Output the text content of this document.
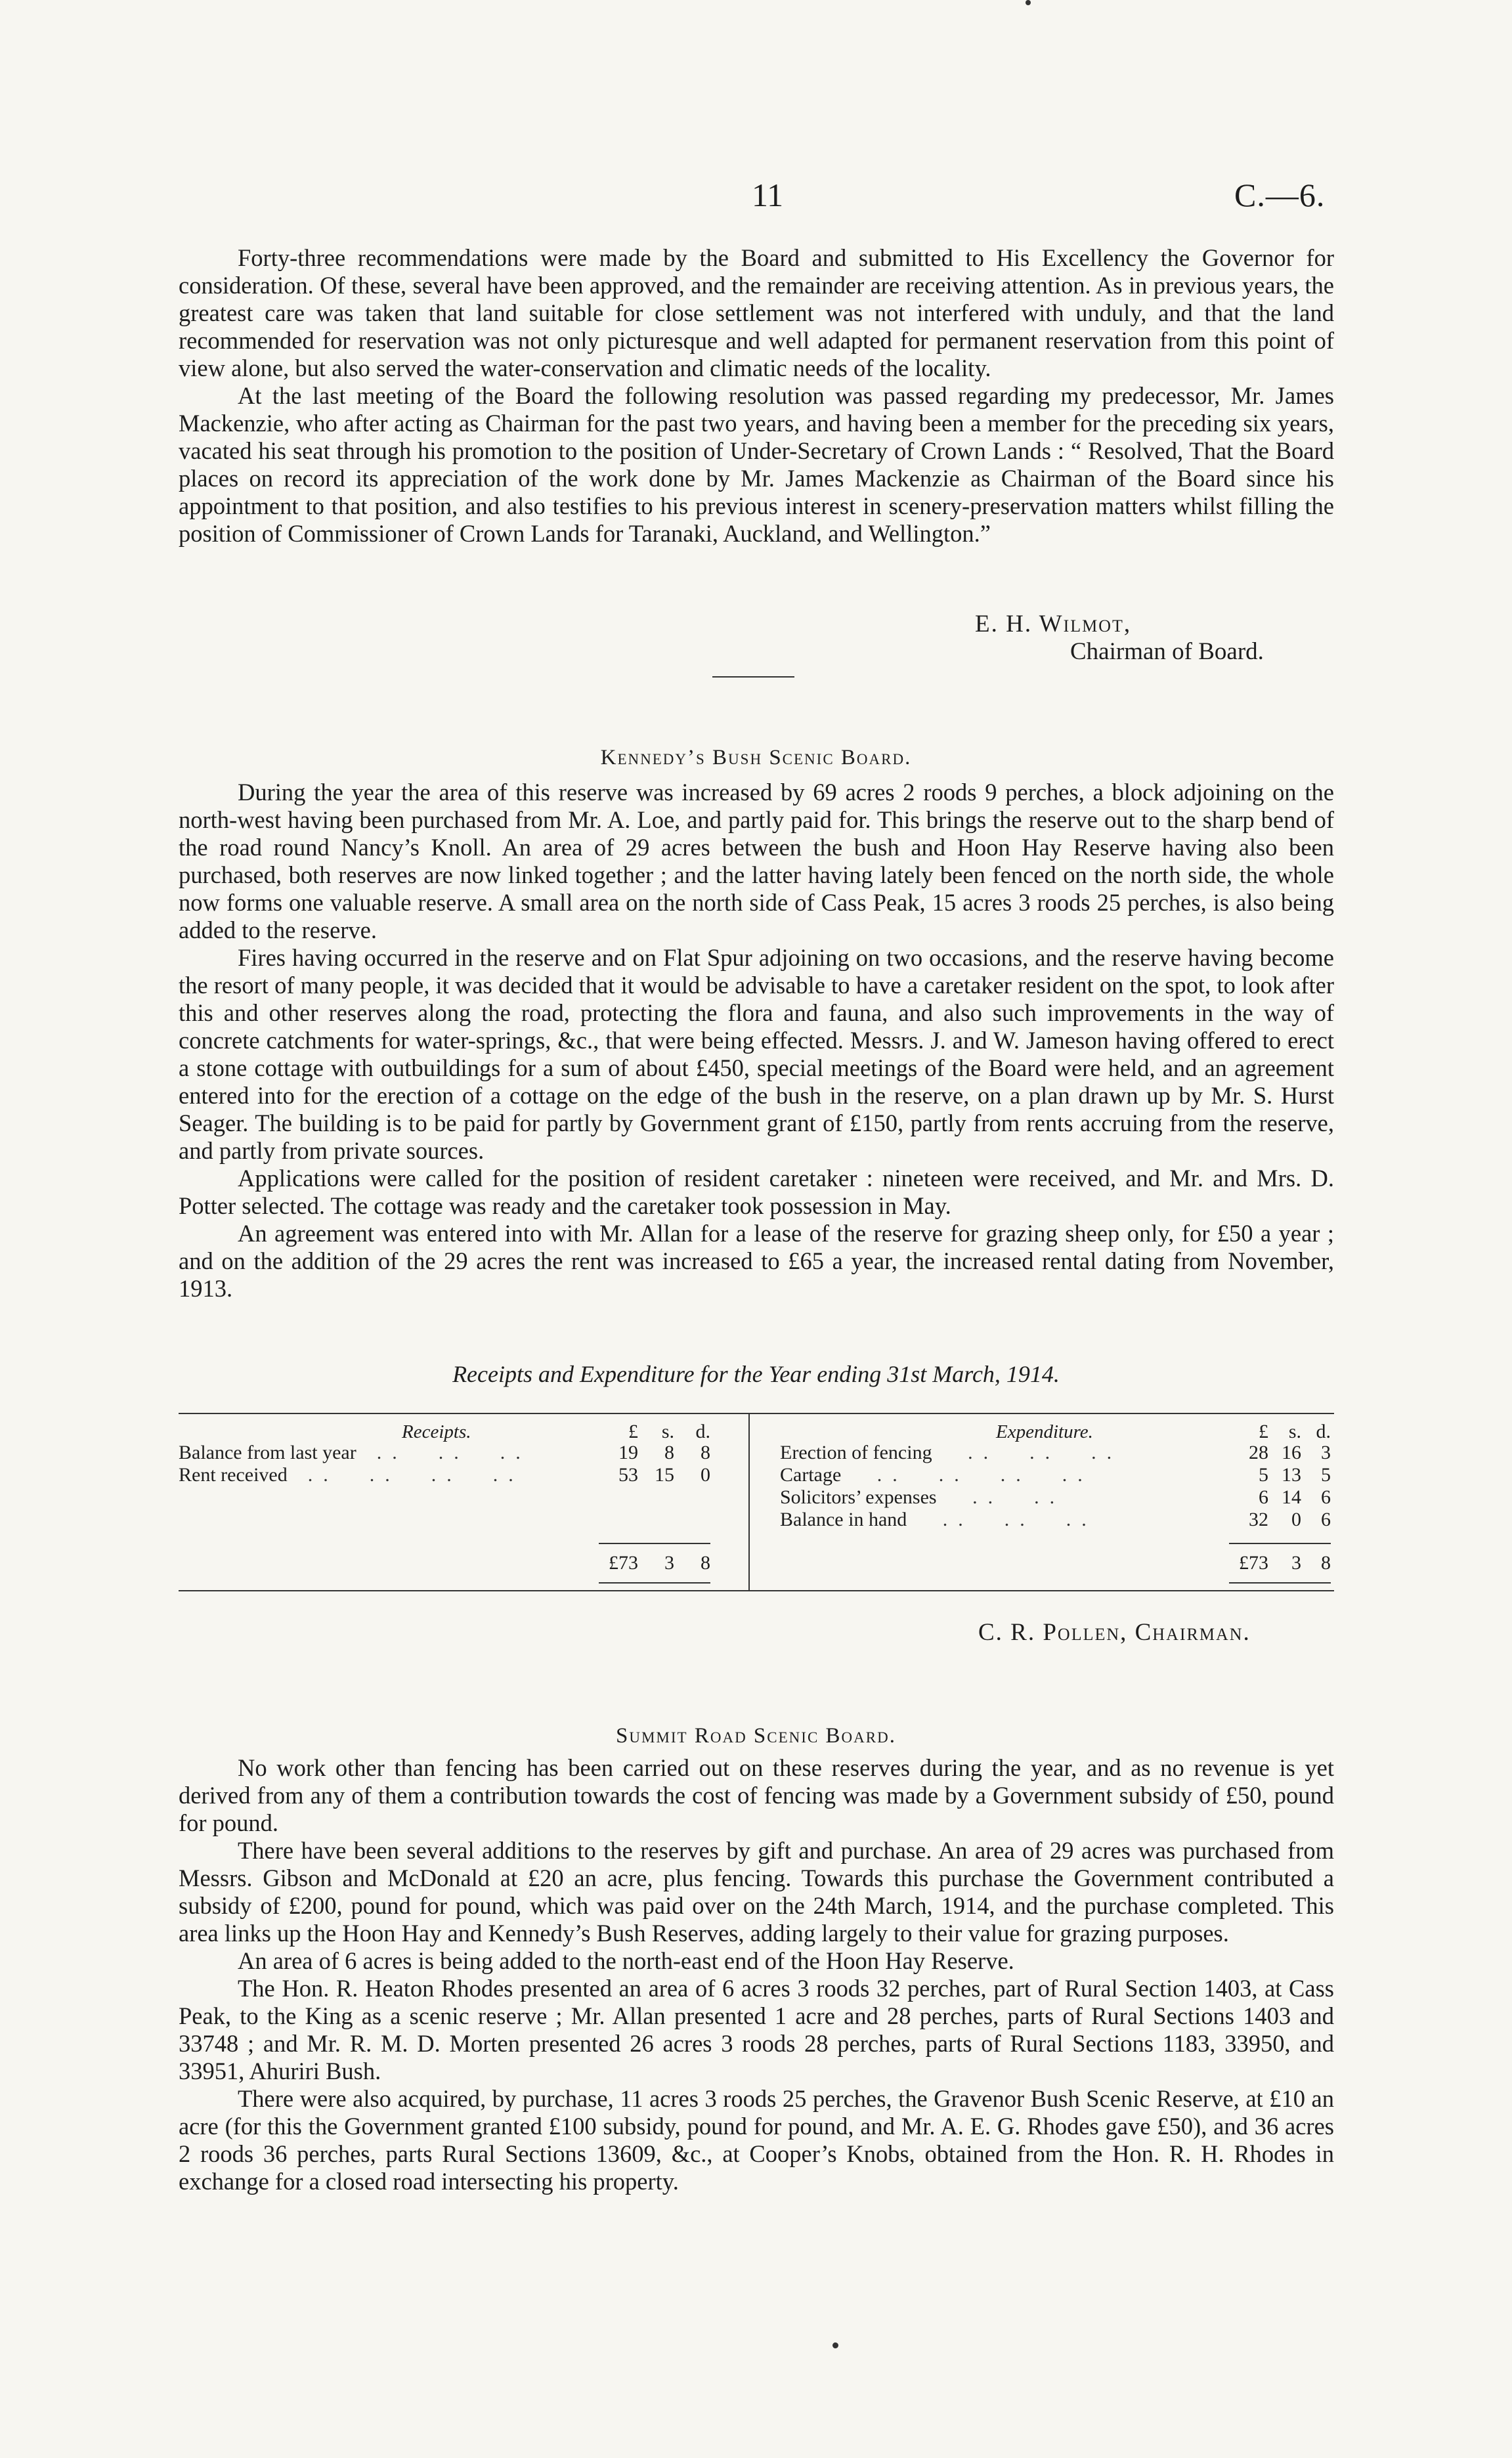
11	C.—6.

Forty-three recommendations were made by the Board and submitted to His Excellency the Governor for consideration. Of these, several have been approved, and the remainder are receiving attention. As in previous years, the greatest care was taken that land suitable for close settlement was not interfered with unduly, and that the land recommended for reservation was not only picturesque and well adapted for permanent reservation from this point of view alone, but also served the water-conservation and climatic needs of the locality.

At the last meeting of the Board the following resolution was passed regarding my predecessor, Mr. James Mackenzie, who after acting as Chairman for the past two years, and having been a member for the preceding six years, vacated his seat through his promotion to the position of Under-Secretary of Crown Lands : “ Resolved, That the Board places on record its appreciation of the work done by Mr. James Mackenzie as Chairman of the Board since his appointment to that position, and also testifies to his previous interest in scenery-preservation matters whilst filling the position of Commissioner of Crown Lands for Taranaki, Auckland, and Wellington.”

E. H. Wilmot,
Chairman of Board.
Kennedy’s Bush Scenic Board.

During the year the area of this reserve was increased by 69 acres 2 roods 9 perches, a block adjoining on the north-west having been purchased from Mr. A. Loe, and partly paid for. This brings the reserve out to the sharp bend of the road round Nancy’s Knoll. An area of 29 acres between the bush and Hoon Hay Reserve having also been purchased, both reserves are now linked together ; and the latter having lately been fenced on the north side, the whole now forms one valuable reserve. A small area on the north side of Cass Peak, 15 acres 3 roods 25 perches, is also being added to the reserve.

Fires having occurred in the reserve and on Flat Spur adjoining on two occasions, and the reserve having become the resort of many people, it was decided that it would be advisable to have a caretaker resident on the spot, to look after this and other reserves along the road, protecting the flora and fauna, and also such improvements in the way of concrete catchments for water-springs, &c., that were being effected. Messrs. J. and W. Jameson having offered to erect a stone cottage with outbuildings for a sum of about £450, special meetings of the Board were held, and an agreement entered into for the erection of a cottage on the edge of the bush in the reserve, on a plan drawn up by Mr. S. Hurst Seager. The building is to be paid for partly by Government grant of £150, partly from rents accruing from the reserve, and partly from private sources.

Applications were called for the position of resident caretaker : nineteen were received, and Mr. and Mrs. D. Potter selected. The cottage was ready and the caretaker took possession in May.

An agreement was entered into with Mr. Allan for a lease of the reserve for grazing sheep only, for £50 a year ; and on the addition of the 29 acres the rent was increased to £65 a year, the increased rental dating from November, 1913.

Receipts and Expenditure for the Year ending 31st March, 1914.
Receipts.	£	s.	d.
Balance from last year  ..  ..  ..	19	8	8
Rent received  ..  ..  ..  ..	53 15	0
£73	3	8
Expenditure.	£	s. d.
Erection of fencing   ..  ..  ..	28 16	3
Cartage   ..  ..  ..  ..	5 13	5
Solicitors’ expenses   ..  ..	6 14	6
Balance in hand   ..  ..  ..	32	0	6
£73	3	8
C. R. Pollen, Chairman.
Summit Road Scenic Board.

No work other than fencing has been carried out on these reserves during the year, and as no revenue is yet derived from any of them a contribution towards the cost of fencing was made by a Government subsidy of £50, pound for pound.

There have been several additions to the reserves by gift and purchase. An area of 29 acres was purchased from Messrs. Gibson and McDonald at £20 an acre, plus fencing. Towards this purchase the Government contributed a subsidy of £200, pound for pound, which was paid over on the 24th March, 1914, and the purchase completed. This area links up the Hoon Hay and Kennedy’s Bush Reserves, adding largely to their value for grazing purposes.

An area of 6 acres is being added to the north-east end of the Hoon Hay Reserve.

The Hon. R. Heaton Rhodes presented an area of 6 acres 3 roods 32 perches, part of Rural Section 1403, at Cass Peak, to the King as a scenic reserve ; Mr. Allan presented 1 acre and 28 perches, parts of Rural Sections 1403 and 33748 ; and Mr. R. M. D. Morten presented 26 acres 3 roods 28 perches, parts of Rural Sections 1183, 33950, and 33951, Ahuriri Bush.

There were also acquired, by purchase, 11 acres 3 roods 25 perches, the Gravenor Bush Scenic Reserve, at £10 an acre (for this the Government granted £100 subsidy, pound for pound, and Mr. A. E. G. Rhodes gave £50), and 36 acres 2 roods 36 perches, parts Rural Sections 13609, &c., at Cooper’s Knobs, obtained from the Hon. R. H. Rhodes in exchange for a closed road intersecting his property.
